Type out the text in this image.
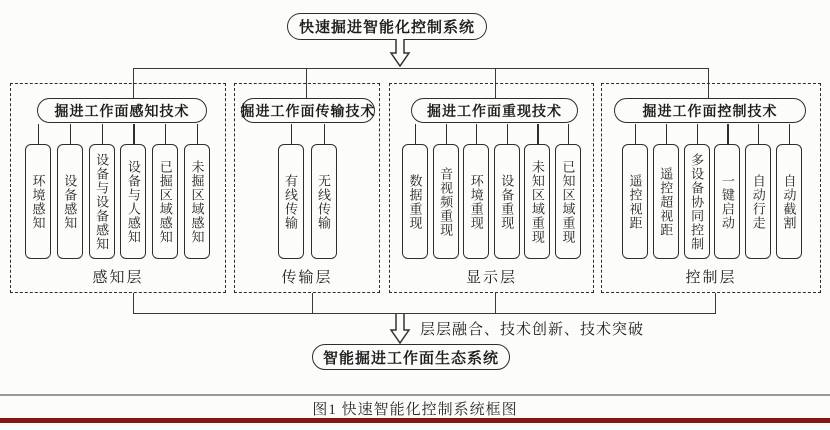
快速掘进智能化控制系统
掘进工作面感知技术
环境感知	设备感知	设备与设备感知	设备与人感知	已掘区域感知	未掘区域感知
感知层
掘进工作面传输技术
有线传输	无线传输
传输层
掘进工作面重现技术
数据重现	音视频重现	环境重现	设备重现	未知区域重现	已知区域重现
显示层
掘进工作面控制技术
遥控视距	遥控超视距	多设备协同控制	一键启动	自动行走	自动截割
控制层
层层融合、技术创新、技术突破
智能掘进工作面生态系统
图1 快速智能化控制系统框图
